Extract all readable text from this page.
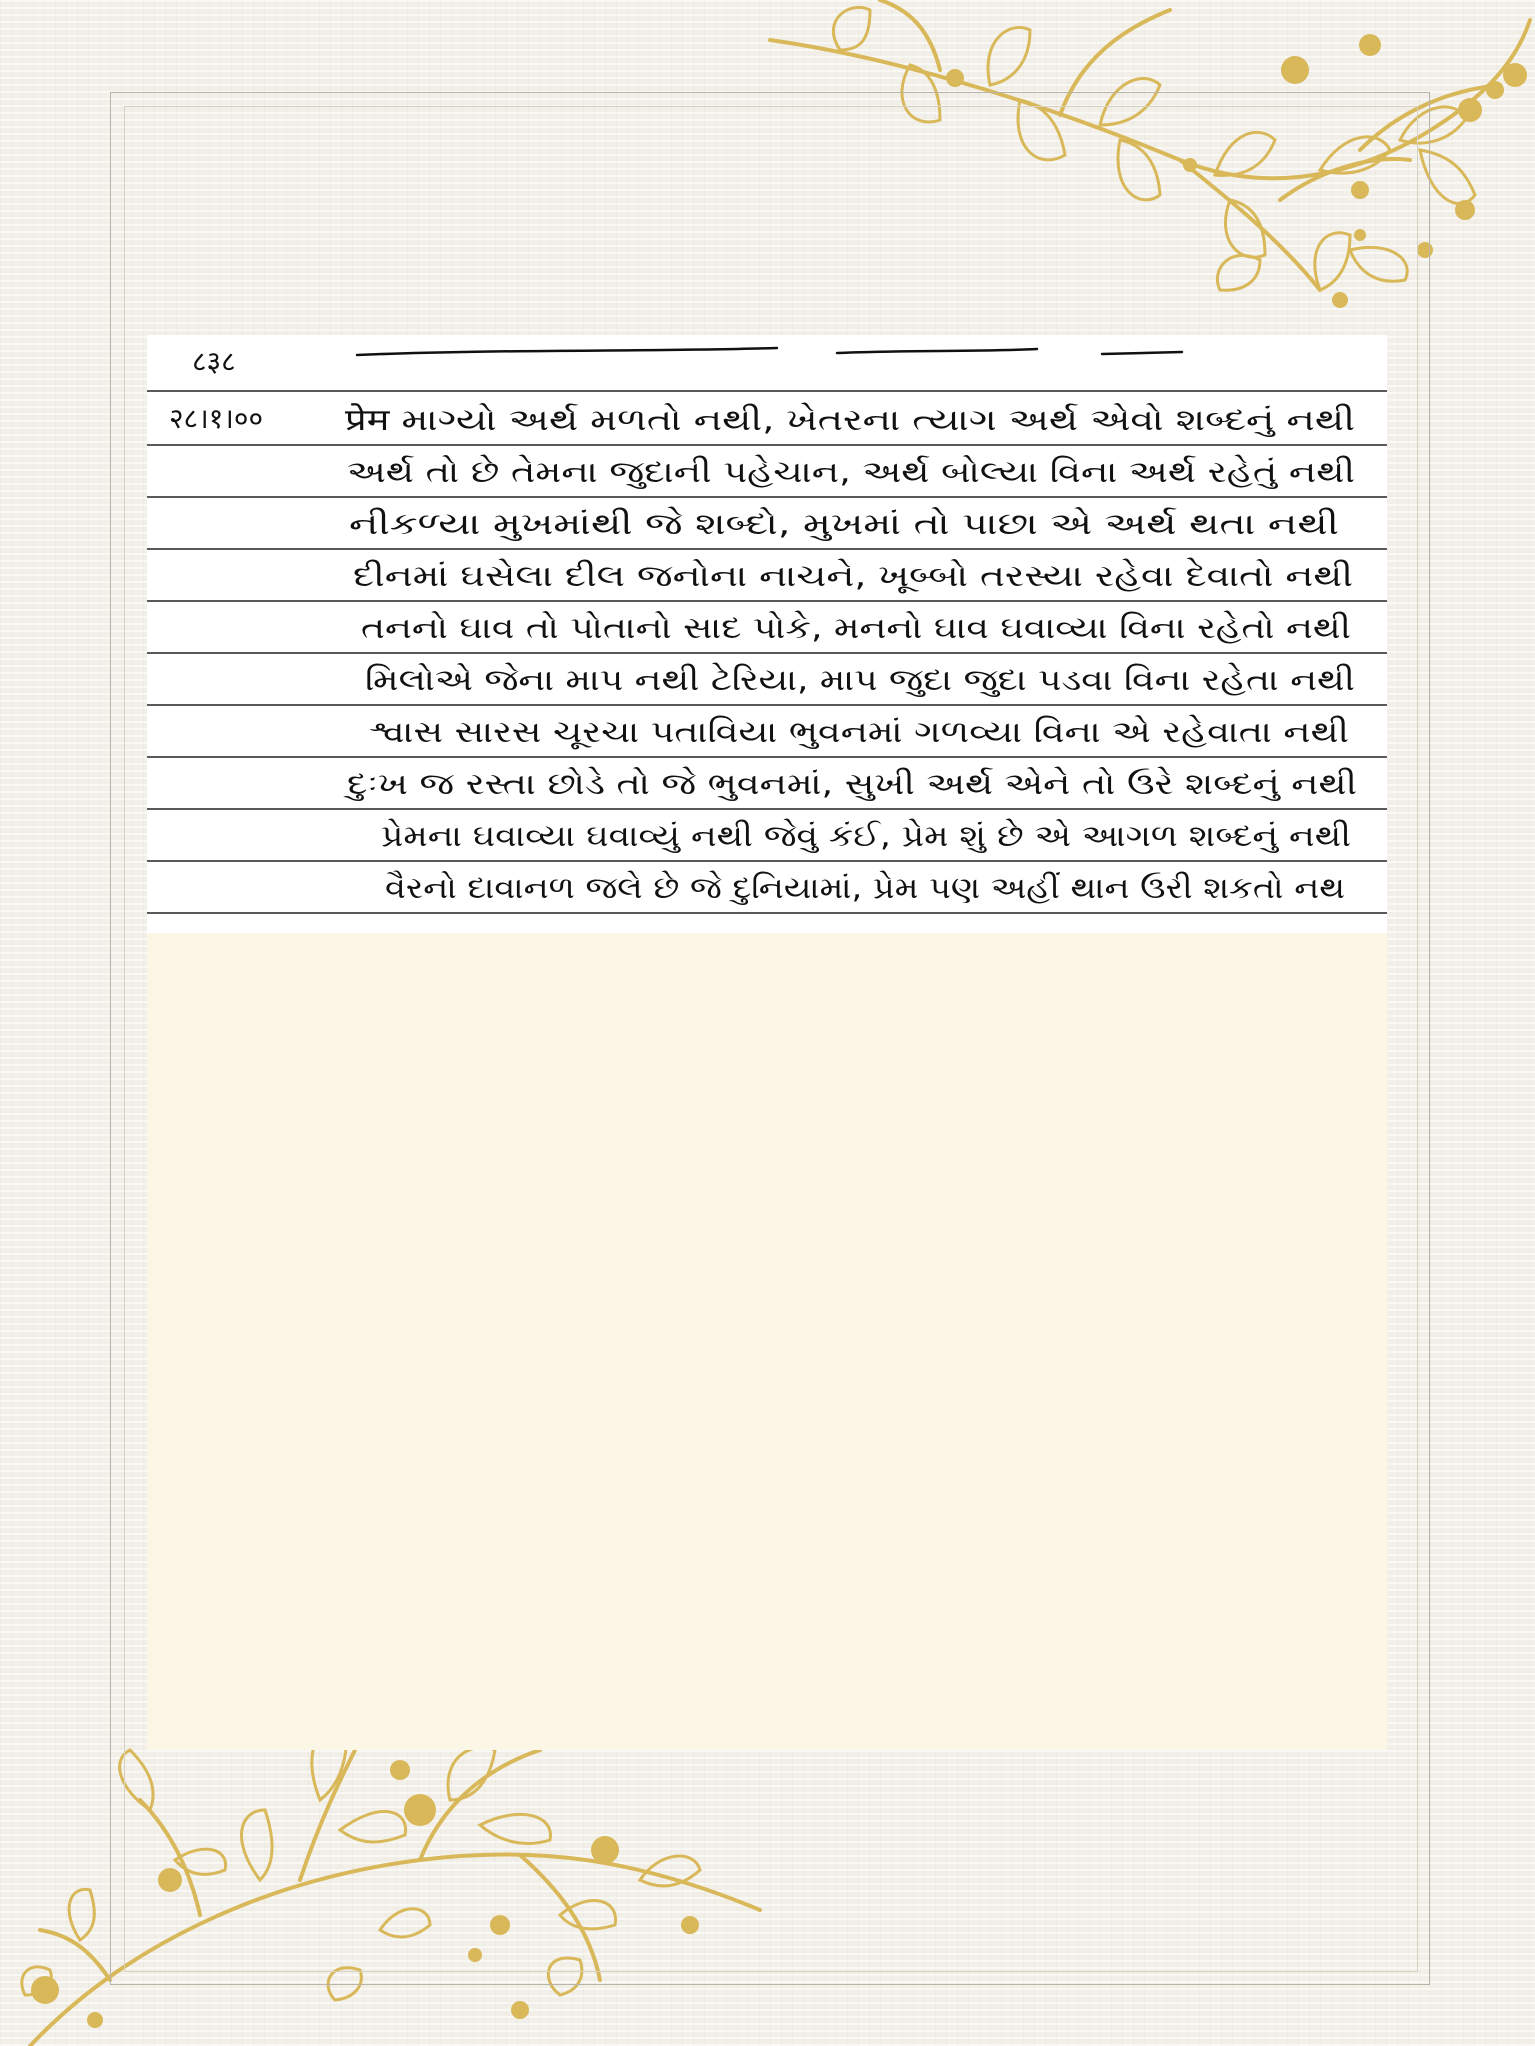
८३८
२८।१।००	प्रेम માગ્યો અર્થ મળતો નથી, ખેતરના ત્યાગ અર્થ એવો શબ્દનું નથી
અર્થ તો છે તેમના જુદાની પહેચાન, અર્થ બોલ્યા વિના અર્થ રહેતું નથી
નીકળ્યા મુખમાંથી જે શબ્દો, મુખમાં તો પાછા એ અર્થ થતા નથી
દીનમાં ઘસેલા દીલ જનોના નાચને, ખૂબ્બો તરસ્યા રહેવા દેવાતો નથી
તનનો ઘાવ તો પોતાનો સાદ પોકે, મનનો ઘાવ ઘવાવ્યા વિના રહેતો નથી
મિલોએ જેના માપ નથી ટેરિયા, માપ જુદા જુદા પડવા વિના રહેતા નથી
શ્વાસ સારસ ચૂરચા પતાવિયા ભુવનમાં ગળવ્યા વિના એ રહેવાતા નથી
દુઃખ જ રસ્તા છોડે તો જે ભુવનમાં, સુખી અર્થ એને તો ઉરે શબ્દનું નથી
પ્રેમના ઘવાવ્યા ઘવાવ્યું નથી જેવું કંઈ, પ્રેમ શું છે એ આગળ શબ્દનું નથી
વૈરનો દાવાનળ જલે છે જે દુનિયામાં, પ્રેમ પણ અહીં થાન ઉરી શકતો નથ
